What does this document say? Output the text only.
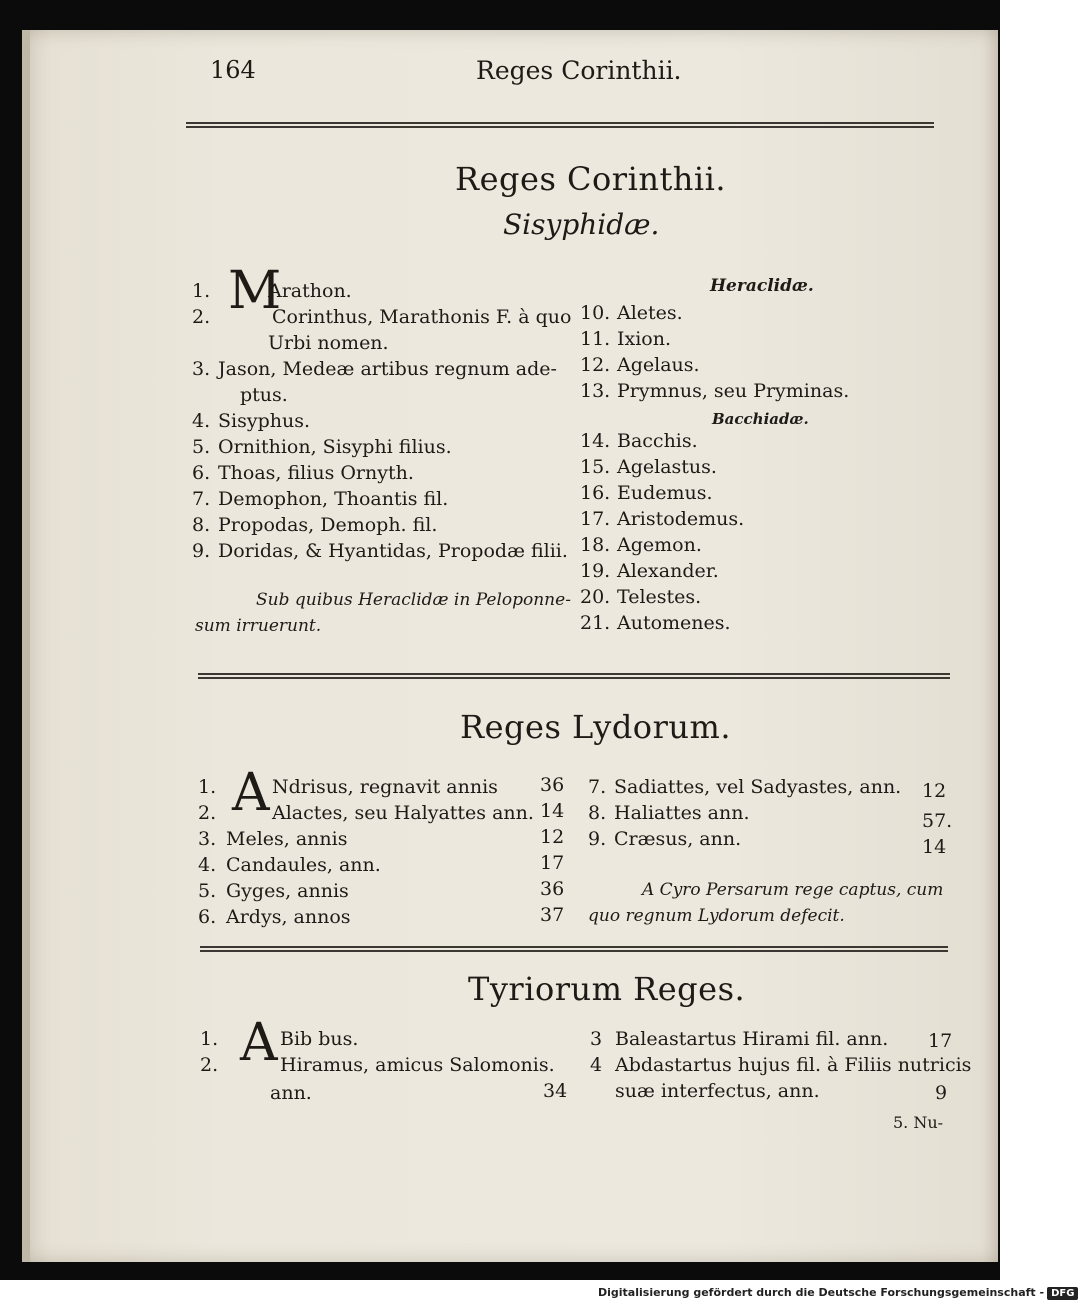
164	Reges Corinthii.
Reges Corinthii.
Sisyphidæ.
M
1.	Arathon.
2.	Corinthus, Marathonis F. à quo
Urbi nomen.
3. Jason, Medeæ artibus regnum ade-
ptus.
4. Sisyphus.
5. Ornithion, Sisyphi filius.
6. Thoas, filius Ornyth.
7. Demophon, Thoantis fil.
8. Propodas, Demoph. fil.
9. Doridas, & Hyantidas, Propodæ filii.
Sub quibus Heraclidæ in Peloponne-
sum irruerunt.
Heraclidæ.
10. Aletes.
11. Ixion.
12. Agelaus.
13. Prymnus, seu Pryminas.
Bacchiadæ.
14. Bacchis.
15. Agelastus.
16. Eudemus.
17. Aristodemus.
18. Agemon.
19. Alexander.
20. Telestes.
21. Automenes.
Reges Lydorum.
A
1.	Ndrisus, regnavit annis 36
2.	Alactes, seu Halyattes ann. 14
3. Meles, annis	12
4. Candaules, ann.	17
5. Gyges, annis	36
6. Ardys, annos	37
7. Sadiattes, vel Sadyastes, ann. 12
8. Haliattes ann.	57.
9. Cræsus, ann.	14
A Cyro Persarum rege captus, cum
quo regnum Lydorum defecit.
Tyriorum Reges.
A
1.	Bib bus.
2.	Hiramus, amicus Salomonis.
ann.	34
3 Baleastartus Hirami fil. ann. 17
4 Abdastartus hujus fil. à Filiis nutricis
suæ interfectus, ann.	9
5. Nu-
Digitalisierung gefördert durch die Deutsche Forschungsgemeinschaft - DFG
